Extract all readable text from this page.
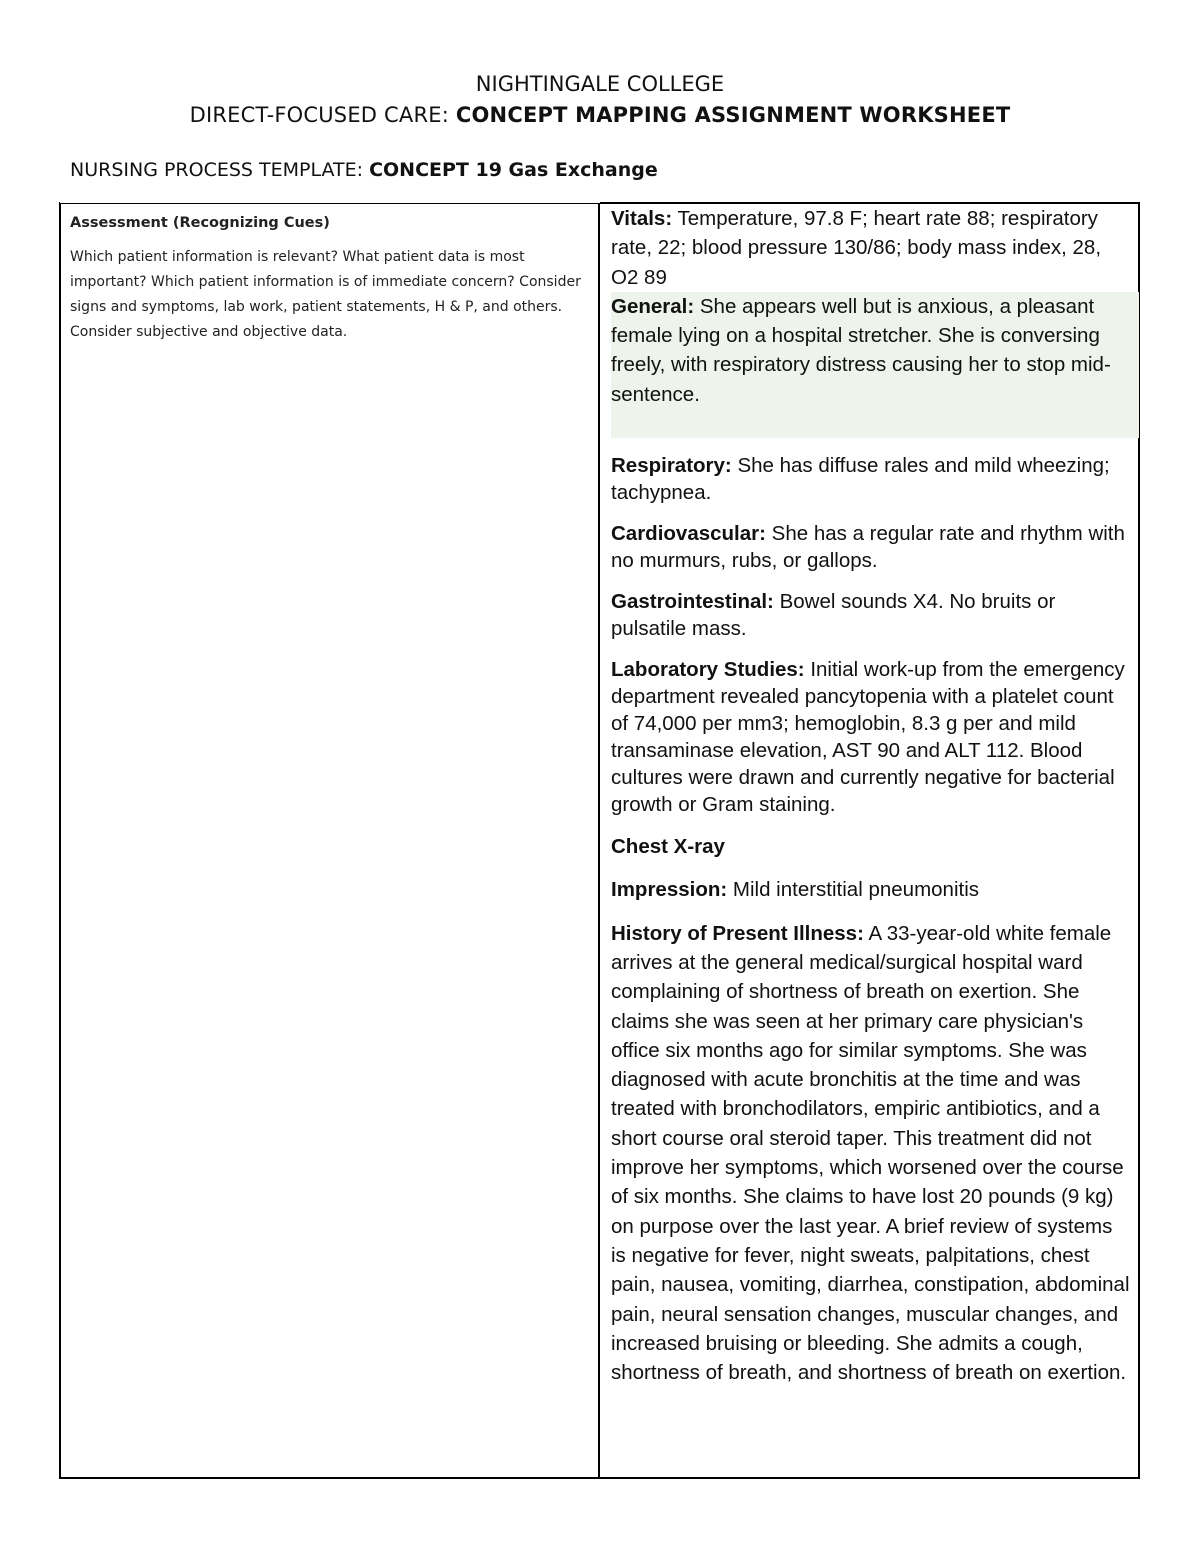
NIGHTINGALE COLLEGE
DIRECT-FOCUSED CARE: CONCEPT MAPPING ASSIGNMENT WORKSHEET
NURSING PROCESS TEMPLATE: CONCEPT 19 Gas Exchange
Assessment (Recognizing Cues)
Which patient information is relevant? What patient data is most important? Which patient information is of immediate concern? Consider signs and symptoms, lab work, patient statements, H & P, and others. Consider subjective and objective data.

Vitals: Temperature, 97.8 F; heart rate 88; respiratory rate, 22; blood pressure 130/86; body mass index, 28, O2 89

General: She appears well but is anxious, a pleasant female lying on a hospital stretcher. She is conversing freely, with respiratory distress causing her to stop mid-sentence.

Respiratory: She has diffuse rales and mild wheezing; tachypnea.

Cardiovascular: She has a regular rate and rhythm with no murmurs, rubs, or gallops.

Gastrointestinal: Bowel sounds X4. No bruits or pulsatile mass.

Laboratory Studies: Initial work-up from the emergency department revealed pancytopenia with a platelet count of 74,000 per mm3; hemoglobin, 8.3 g per and mild transaminase elevation, AST 90 and ALT 112. Blood cultures were drawn and currently negative for bacterial growth or Gram staining.

Chest X-ray

Impression: Mild interstitial pneumonitis

History of Present Illness: A 33-year-old white female arrives at the general medical/surgical hospital ward complaining of shortness of breath on exertion. She claims she was seen at her primary care physician's office six months ago for similar symptoms. She was diagnosed with acute bronchitis at the time and was treated with bronchodilators, empiric antibiotics, and a short course oral steroid taper. This treatment did not improve her symptoms, which worsened over the course of six months. She claims to have lost 20 pounds (9 kg) on purpose over the last year. A brief review of systems is negative for fever, night sweats, palpitations, chest pain, nausea, vomiting, diarrhea, constipation, abdominal pain, neural sensation changes, muscular changes, and increased bruising or bleeding. She admits a cough, shortness of breath, and shortness of breath on exertion.
